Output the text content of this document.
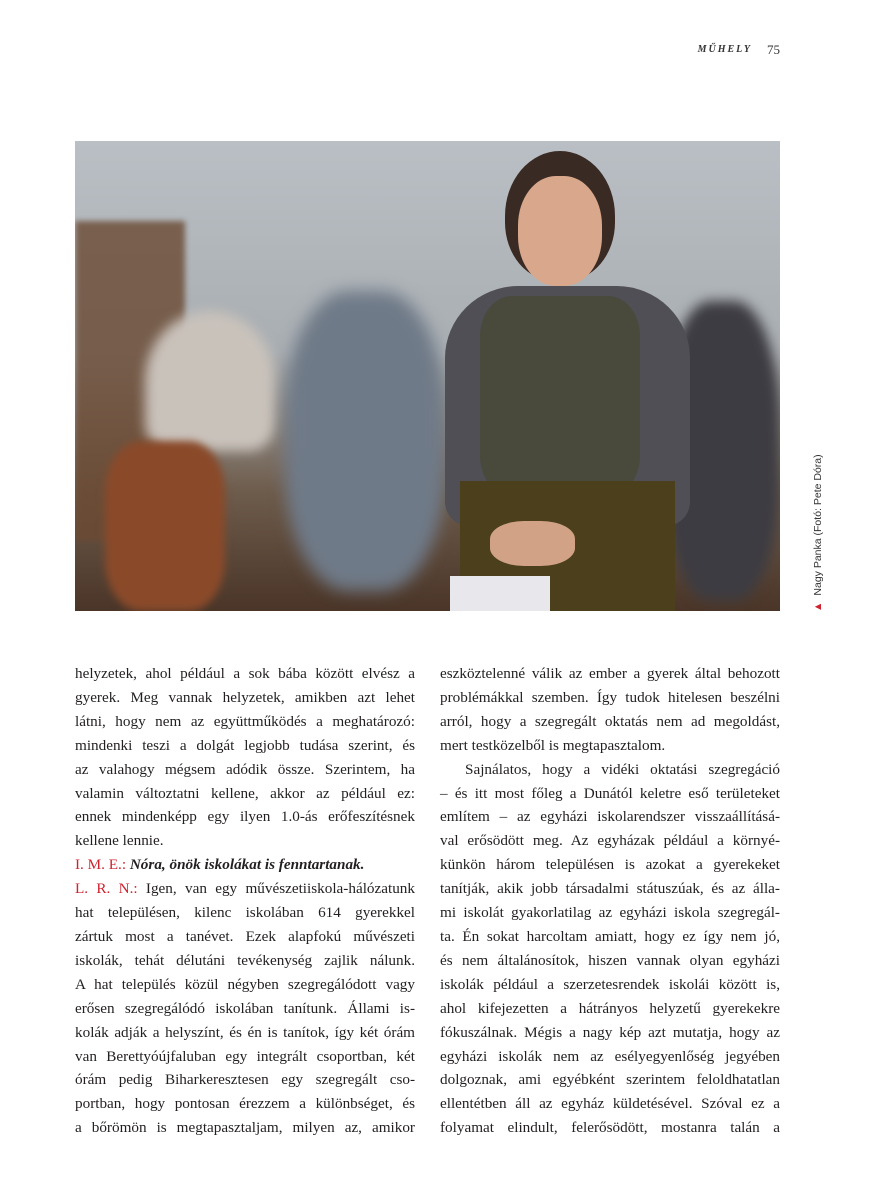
MŰHELY 75
▲Nagy Panka (Fotó: Pete Dóra)
helyzetek, ahol például a sok bába között elvész a
gyerek. Meg vannak helyzetek, amikben azt lehet
látni, hogy nem az együttműködés a meghatározó:
mindenki teszi a dolgát legjobb tudása szerint, és
az valahogy mégsem adódik össze. Szerintem, ha
valamin változtatni kellene, akkor az például ez:
ennek mindenképp egy ilyen 1.0-ás erőfeszítésnek
kellene lennie.
I. M. E.: Nóra, önök iskolákat is fenntartanak.
L. R. N.: Igen, van egy művészetiiskola-hálózatunk
hat településen, kilenc iskolában 614 gyerekkel
zártuk most a tanévet. Ezek alapfokú művészeti
iskolák, tehát délutáni tevékenység zajlik nálunk.
A hat település közül négyben szegregálódott vagy
erősen szegregálódó iskolában tanítunk. Állami is-
kolák adják a helyszínt, és én is tanítok, így két órám
van Berettyóújfaluban egy integrált csoportban, két
órám pedig Biharkeresztesen egy szegregált cso-
portban, hogy pontosan érezzem a különbséget, és
a bőrömön is megtapasztaljam, milyen az, amikor
eszköztelenné válik az ember a gyerek által behozott
problémákkal szemben. Így tudok hitelesen beszélni
arról, hogy a szegregált oktatás nem ad megoldást,
mert testközelből is megtapasztalom.
Sajnálatos, hogy a vidéki oktatási szegregáció
– és itt most főleg a Dunától keletre eső területeket
említem – az egyházi iskolarendszer visszaállításá-
val erősödött meg. Az egyházak például a környé-
künkön három településen is azokat a gyerekeket
tanítják, akik jobb társadalmi státuszúak, és az álla-
mi iskolát gyakorlatilag az egyházi iskola szegregál-
ta. Én sokat harcoltam amiatt, hogy ez így nem jó,
és nem általánosítok, hiszen vannak olyan egyházi
iskolák például a szerzetesrendek iskolái között is,
ahol kifejezetten a hátrányos helyzetű gyerekekre
fókuszálnak. Mégis a nagy kép azt mutatja, hogy az
egyházi iskolák nem az esélyegyenlőség jegyében
dolgoznak, ami egyébként szerintem feloldhatatlan
ellentétben áll az egyház küldetésével. Szóval ez a
folyamat elindult, felerősödött, mostanra talán a
